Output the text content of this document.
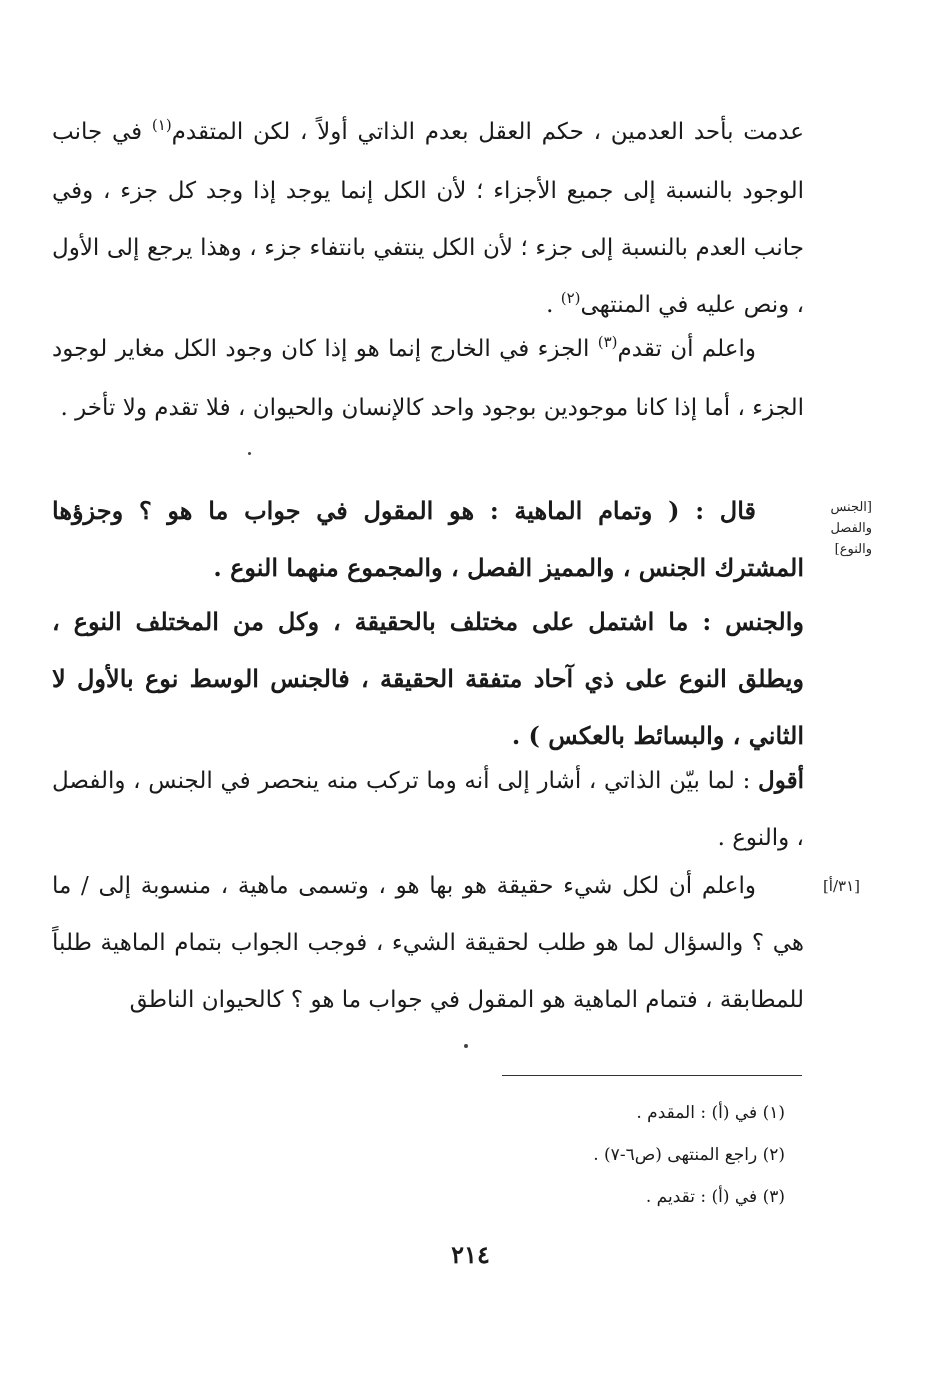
عدمت بأحد العدمين ، حكم العقل بعدم الذاتي أولاً ، لكن المتقدم$^{(١)}$ في جانب الوجود بالنسبة إلى جميع الأجزاء ؛ لأن الكل إنما يوجد إذا وجد كل جزء ، وفي جانب العدم بالنسبة إلى جزء ؛ لأن الكل ينتفي بانتفاء جزء ، وهذا يرجع إلى الأول ، ونص عليه في المنتهى$^{(٢)}$ .

واعلم أن تقدم$^{(٣)}$ الجزء في الخارج إنما هو إذا كان وجود الكل مغاير لوجود الجزء ، أما إذا كانا موجودين بوجود واحد كالإنسان والحيوان ، فلا تقدم ولا تأخر .

قال : ( وتمام الماهية : هو المقول في جواب ما هو ؟ وجزؤها المشترك الجنس ، والمميز الفصل ، والمجموع منهما النوع .

والجنس : ما اشتمل على مختلف بالحقيقة ، وكل من المختلف النوع ، ويطلق النوع على ذي آحاد متفقة الحقيقة ، فالجنس الوسط نوع بالأول لا الثاني ، والبسائط بالعكس ) .

أقول : لما بيّن الذاتي ، أشار إلى أنه وما تركب منه ينحصر في الجنس ، والفصل ، والنوع .

واعلم أن لكل شيء حقيقة هو بها هو ، وتسمى ماهية ، منسوبة إلى / ما هي ؟ والسؤال لما هو طلب لحقيقة الشيء ، فوجب الجواب بتمام الماهية طلباً للمطابقة ، فتمام الماهية هو المقول في جواب ما هو ؟ كالحيوان الناطق

[الجنس
والفصل
والنوع]
[٣١/أ]
(١) في (أ) : المقدم .
(٢) راجع المنتهى (ص٦-٧) .
(٣) في (أ) : تقديم .
٢١٤
